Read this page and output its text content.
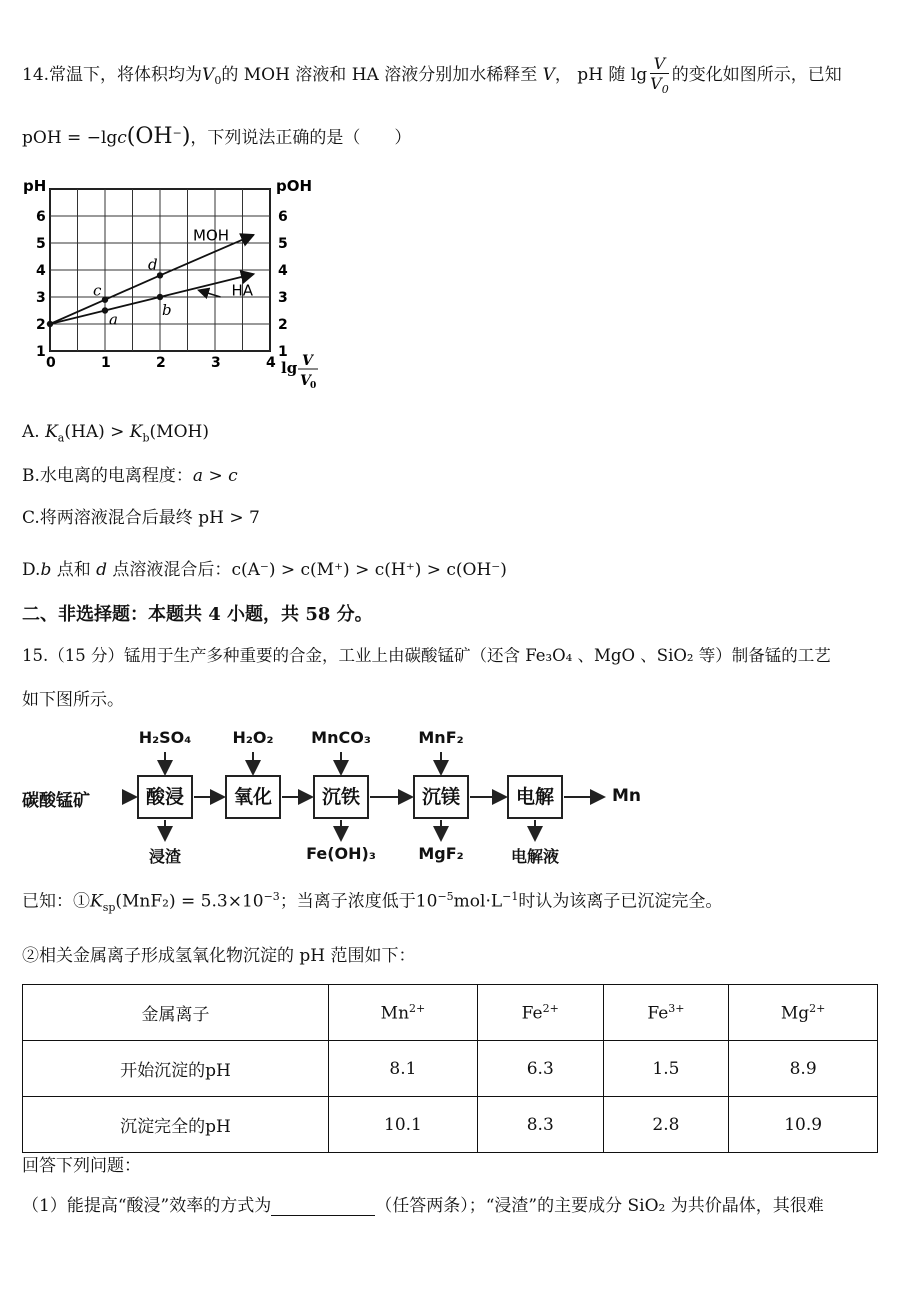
14.常温下，将体积均为$V_0$的 MOH 溶液和 HA 溶液分别加水稀释至 V， pH 随 $\lg \frac{V}{V_0}$ 的变化如图所示，已知
pOH = −lgc(OH−)，下列说法正确的是（　　）
pH	pOH
MOH
HA
a
b
c
d
0	1	2	3	4
1
2
3
4
5
6
1
2
3
4
5
6
lg V
V 0
A. $K_a(HA) > K_b(MOH)$
B.水电离的电离程度：a > c
C.将两溶液混合后最终 pH > 7
D.b 点和 d 点溶液混合后：c(A⁻) > c(M⁺) > c(H⁺) > c(OH⁻)
二、非选择题：本题共 4 小题，共 58 分。
15.（15 分）锰用于生产多种重要的合金，工业上由碳酸锰矿（还含 Fe₃O₄ 、MgO 、SiO₂ 等）制备锰的工艺
如下图所示。
碳酸锰矿	Mn
酸浸	氧化	沉铁	沉镁	电解
H₂SO₄	H₂O₂	MnCO₃	MnF₂
浸渣	Fe(OH)₃	MgF₂	电解液
已知：$①K_{sp}(MnF_2) = 5.3\times 10^{-3}$；当离子浓度低于$10^{-5}mol\cdot L^{-1}$时认为该离子已沉淀完全。
②相关金属离子形成氢氧化物沉淀的 pH 范围如下：
金属离子	$Mn^{2+}$	$Fe^{2+}$	$Fe^{3+}$	$Mg^{2+}$
开始沉淀的pH	8.1	6.3	1.5	8.9
沉淀完全的pH	10.1	8.3	2.8	10.9
回答下列问题：
（1）能提高“酸浸”效率的方式为	（任答两条）；“浸渣”的主要成分 SiO₂ 为共价晶体，其很难
